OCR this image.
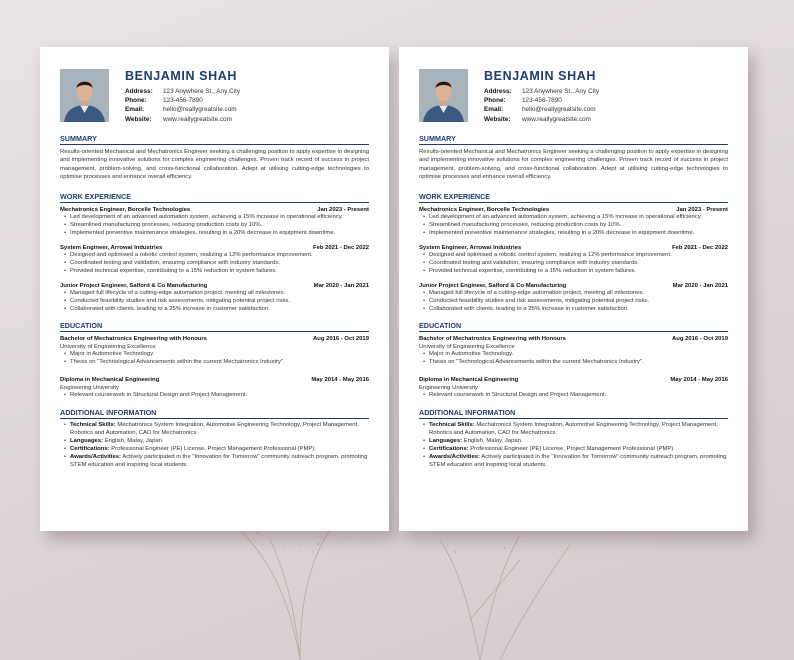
BENJAMIN SHAH
Address:	123 Anywhere St., Any City
Phone:	123-456-7890
Email:	hello@reallygreatsite.com
Website:	www.reallygreatsite.com
SUMMARY
Results-oriented Mechanical and Mechatronics Engineer seeking a challenging position to apply expertise in designing and implementing innovative solutions for complex engineering challenges. Proven track record of success in project management, problem-solving, and cross-functional collaboration. Adept at utilising cutting-edge technologies to optimise processes and enhance overall efficiency.
WORK EXPERIENCE
Mechatronics Engineer, Borcelle Technologies	Jan 2023 - Present
• Led development of an advanced automation system, achieving a 15% increase in operational efficiency.
• Streamlined manufacturing processes, reducing production costs by 10%.
• Implemented preventive maintenance strategies, resulting in a 20% decrease in equipment downtime.
System Engineer, Arrowai Industries	Feb 2021 - Dec 2022
• Designed and optimised a robotic control system, realizing a 12% performance improvement.
• Coordinated testing and validation, ensuring compliance with industry standards.
• Provided technical expertise, contributing to a 15% reduction in system failures.
Junior Project Engineer, Salford & Co Manufacturing	Mar 2020 - Jan 2021
• Managed full lifecycle of a cutting-edge automation project, meeting all milestones.
• Conducted feasibility studies and risk assessments, mitigating potential project risks.
• Collaborated with clients, leading to a 25% increase in customer satisfaction.
EDUCATION
Bachelor of Mechatronics Engineering with Honours	Aug 2016 - Oct 2019
University of Engineering Excellence
• Major in Automotive Technology.
• Thesis on "Technological Advancements within the current Mechatronics Industry".
Diploma in Mechanical Engineering	May 2014 - May 2016
Engineering University
• Relevant coursework in Structural Design and Project Management.
ADDITIONAL INFORMATION
• Technical Skills: Mechatronics System Integration, Automotive Engineering Technology, Project Management, Robotics and Automation, CAD for Mechatronics.
• Languages: English, Malay, Japan.
• Certifications: Professional Engineer (PE) License, Project Management Professional (PMP).
• Awards/Activities: Actively participated in the "Innovation for Tomorrow" community outreach program, promoting STEM education and inspiring local students.
BENJAMIN SHAH
Address:	123 Anywhere St., Any City
Phone:	123-456-7890
Email:	hello@reallygreatsite.com
Website:	www.reallygreatsite.com
SUMMARY
Results-oriented Mechanical and Mechatronics Engineer seeking a challenging position to apply expertise in designing and implementing innovative solutions for complex engineering challenges. Proven track record of success in project management, problem-solving, and cross-functional collaboration. Adept at utilising cutting-edge technologies to optimise processes and enhance overall efficiency.
WORK EXPERIENCE
Mechatronics Engineer, Borcelle Technologies	Jan 2023 - Present
• Led development of an advanced automation system, achieving a 15% increase in operational efficiency.
• Streamlined manufacturing processes, reducing production costs by 10%.
• Implemented preventive maintenance strategies, resulting in a 20% decrease in equipment downtime.
System Engineer, Arrowai Industries	Feb 2021 - Dec 2022
• Designed and optimised a robotic control system, realizing a 12% performance improvement.
• Coordinated testing and validation, ensuring compliance with industry standards.
• Provided technical expertise, contributing to a 15% reduction in system failures.
Junior Project Engineer, Salford & Co Manufacturing	Mar 2020 - Jan 2021
• Managed full lifecycle of a cutting-edge automation project, meeting all milestones.
• Conducted feasibility studies and risk assessments, mitigating potential project risks.
• Collaborated with clients, leading to a 25% increase in customer satisfaction.
EDUCATION
Bachelor of Mechatronics Engineering with Honours	Aug 2016 - Oct 2019
University of Engineering Excellence
• Major in Automotive Technology.
• Thesis on "Technological Advancements within the current Mechatronics Industry".
Diploma in Mechanical Engineering	May 2014 - May 2016
Engineering University
• Relevant coursework in Structural Design and Project Management.
ADDITIONAL INFORMATION
• Technical Skills: Mechatronics System Integration, Automotive Engineering Technology, Project Management, Robotics and Automation, CAD for Mechatronics.
• Languages: English, Malay, Japan.
• Certifications: Professional Engineer (PE) License, Project Management Professional (PMP).
• Awards/Activities: Actively participated in the "Innovation for Tomorrow" community outreach program, promoting STEM education and inspiring local students.
